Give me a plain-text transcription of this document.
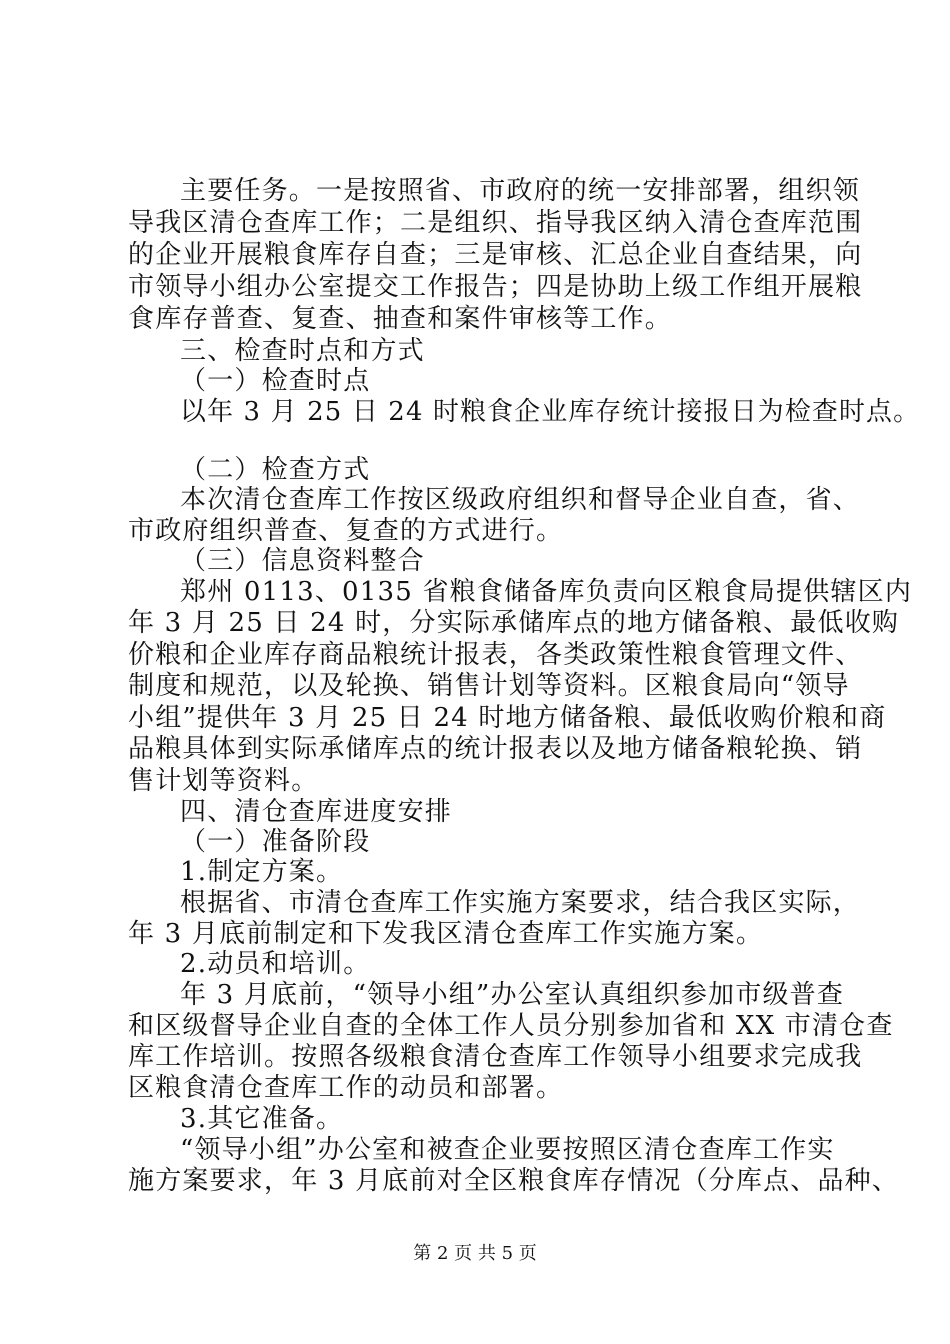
主要任务。一是按照省、市政府的统一安排部署，组织领
导我区清仓查库工作；二是组织、指导我区纳入清仓查库范围
的企业开展粮食库存自查；三是审核、汇总企业自查结果，向
市领导小组办公室提交工作报告；四是协助上级工作组开展粮
食库存普查、复查、抽查和案件审核等工作。
三、检查时点和方式
（一）检查时点
以年 3 月 25 日 24 时粮食企业库存统计接报日为检查时点。
（二）检查方式
本次清仓查库工作按区级政府组织和督导企业自查，省、
市政府组织普查、复查的方式进行。
（三）信息资料整合
郑州 0113、0135 省粮食储备库负责向区粮食局提供辖区内
年 3 月 25 日 24 时，分实际承储库点的地方储备粮、最低收购
价粮和企业库存商品粮统计报表，各类政策性粮食管理文件、
制度和规范，以及轮换、销售计划等资料。区粮食局向“领导
小组”提供年 3 月 25 日 24 时地方储备粮、最低收购价粮和商
品粮具体到实际承储库点的统计报表以及地方储备粮轮换、销
售计划等资料。
四、清仓查库进度安排
（一）准备阶段
1.制定方案。
根据省、市清仓查库工作实施方案要求，结合我区实际，
年 3 月底前制定和下发我区清仓查库工作实施方案。
2.动员和培训。
年 3 月底前，“领导小组”办公室认真组织参加市级普查
和区级督导企业自查的全体工作人员分别参加省和 XX 市清仓查
库工作培训。按照各级粮食清仓查库工作领导小组要求完成我
区粮食清仓查库工作的动员和部署。
3.其它准备。
“领导小组”办公室和被查企业要按照区清仓查库工作实
施方案要求，年 3 月底前对全区粮食库存情况（分库点、品种、
第 2 页 共 5 页
